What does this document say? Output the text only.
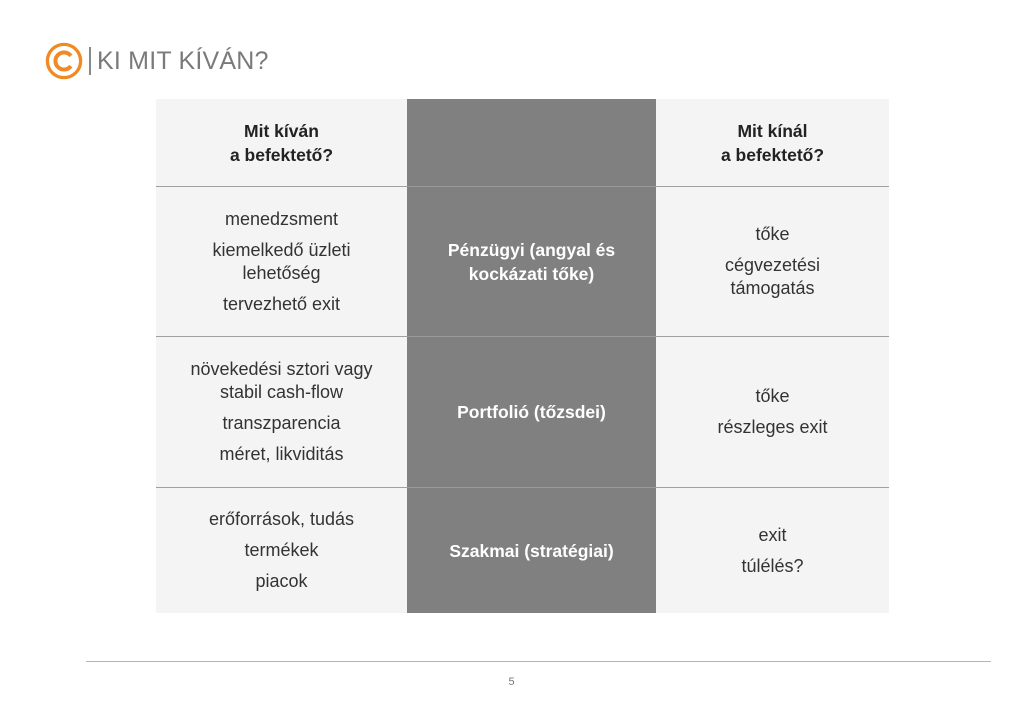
KI MIT KÍVÁN?
Mit kíván
a befektető?
Mit kínál
a befektető?
menedzsment
kiemelkedő üzleti lehetőség
tervezhető exit
Pénzügyi (angyal és kockázati tőke)
tőke
cégvezetési támogatás
növekedési sztori vagy stabil cash-flow
transzparencia
méret, likviditás
Portfolió (tőzsdei)
tőke
részleges exit
erőforrások, tudás
termékek
piacok
Szakmai (stratégiai)
exit
túlélés?
5
